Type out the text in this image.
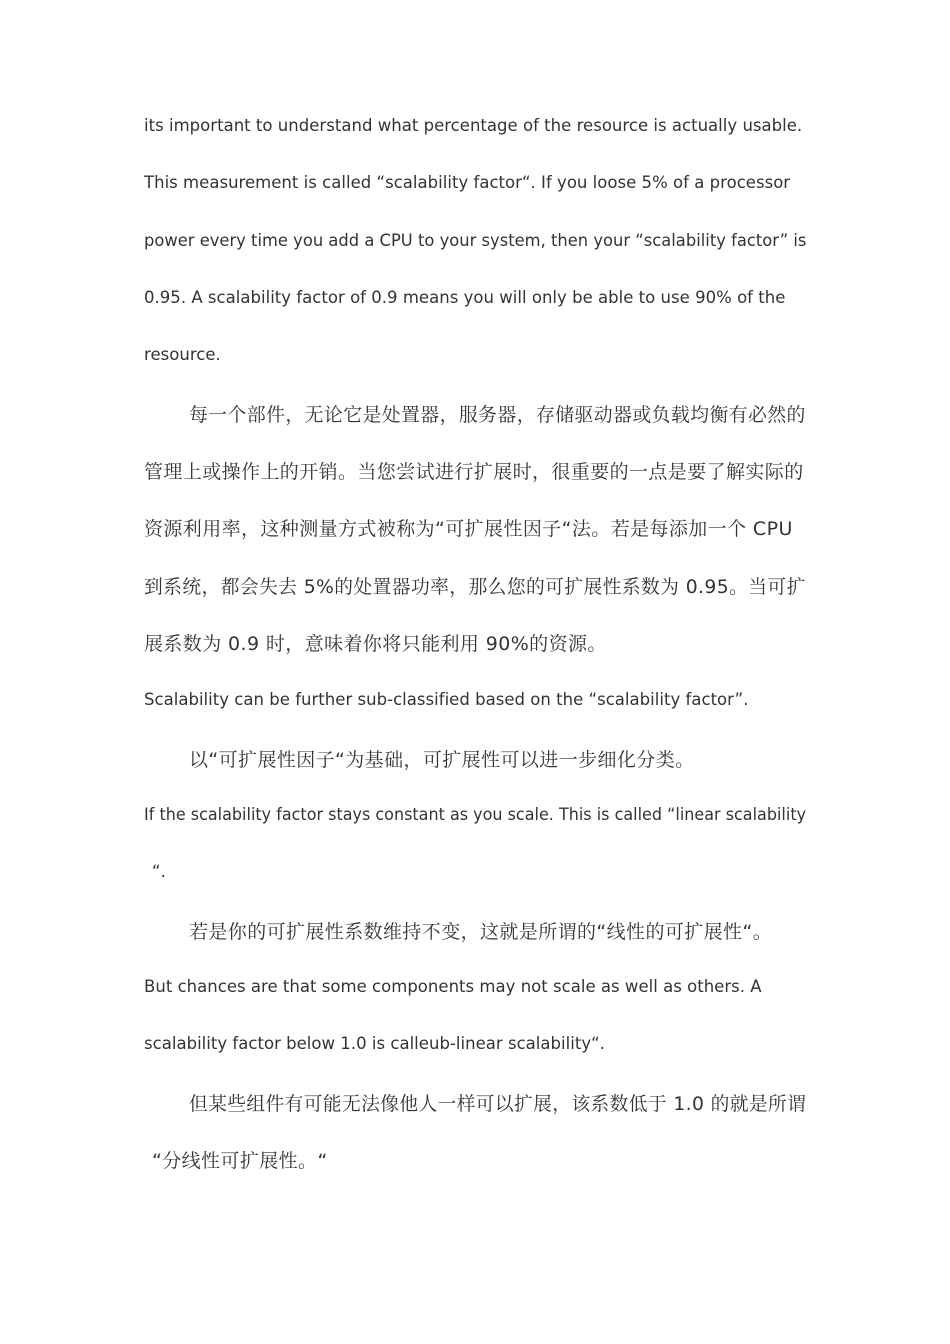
its important to understand what percentage of the resource is actually usable.
This measurement is called “scalability factor“. If you loose 5% of a processor
power every time you add a CPU to your system, then your “scalability factor” is
0.95. A scalability factor of 0.9 means you will only be able to use 90% of the
resource.
每一个部件，无论它是处置器，服务器，存储驱动器或负载均衡有必然的
管理上或操作上的开销。当您尝试进行扩展时，很重要的一点是要了解实际的
资源利用率，这种测量方式被称为“可扩展性因子“法。若是每添加一个 CPU
到系统，都会失去 5%的处置器功率，那么您的可扩展性系数为 0.95。当可扩
展系数为 0.9 时，意味着你将只能利用 90%的资源。
Scalability can be further sub-classified based on the “scalability factor”.
以“可扩展性因子“为基础，可扩展性可以进一步细化分类。
If the scalability factor stays constant as you scale. This is called “linear scalability
“.
若是你的可扩展性系数维持不变，这就是所谓的“线性的可扩展性“。
But chances are that some components may not scale as well as others. A
scalability factor below 1.0 is calleub-linear scalability“.
但某些组件有可能无法像他人一样可以扩展，该系数低于 1.0 的就是所谓
“分线性可扩展性。“
